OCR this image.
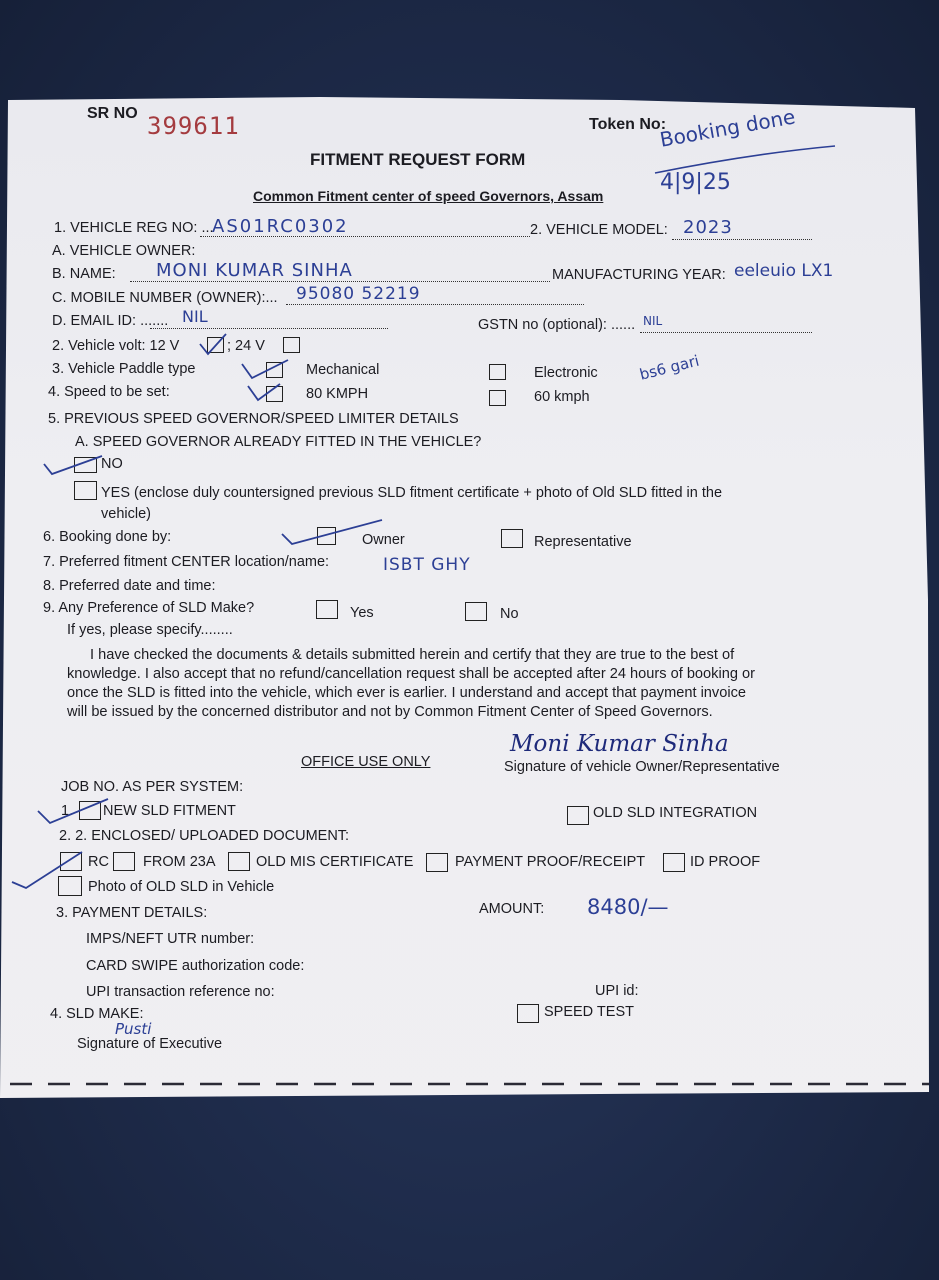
SR NO 399611	Token No:
FITMENT REQUEST FORM
Common Fitment center of speed Governors, Assam
Booking done
4|9|25
1. VEHICLE REG NO: ...
AS01RC0302	2. VEHICLE MODEL: 2023
A. VEHICLE OWNER:
B. NAME: MONI KUMAR SINHA	MANUFACTURING YEAR: eeleuio LX1
C. MOBILE NUMBER (OWNER):... 95080 52219
D. EMAIL ID: ....... NIL	GSTN no (optional): ...... NIL
2. Vehicle volt: 12 V	; 24 V
3. Vehicle Paddle type	Mechanical	Electronic	bs6 gari
4. Speed to be set:	80 KMPH	60 kmph
5. PREVIOUS SPEED GOVERNOR/SPEED LIMITER DETAILS
A. SPEED GOVERNOR ALREADY FITTED IN THE VEHICLE?
NO
YES (enclose duly countersigned previous SLD fitment certificate + photo of Old SLD fitted in the
vehicle)
6. Booking done by:	Owner	Representative
7. Preferred fitment CENTER location/name:	ISBT GHY
8. Preferred date and time:
9. Any Preference of SLD Make?	Yes	No
If yes, please specify........
I have checked the documents & details submitted herein and certify that they are true to the best of
knowledge. I also accept that no refund/cancellation request shall be accepted after 24 hours of booking or
once the SLD is fitted into the vehicle, which ever is earlier. I understand and accept that payment invoice
will be issued by the concerned distributor and not by Common Fitment Center of Speed Governors.
Moni Kumar Sinha
Signature of vehicle Owner/Representative
OFFICE USE ONLY
JOB NO. AS PER SYSTEM:
1. NEW SLD FITMENT	OLD SLD INTEGRATION
2. 2. ENCLOSED/ UPLOADED DOCUMENT:
RC FROM 23A	OLD MIS CERTIFICATE	PAYMENT PROOF/RECEIPT	ID PROOF
Photo of OLD SLD in Vehicle
3. PAYMENT DETAILS:	AMOUNT: 8480/—
IMPS/NEFT UTR number:
CARD SWIPE authorization code:
UPI transaction reference no:	UPI id:
4. SLD MAKE:	SPEED TEST
Pusti
Signature of Executive
